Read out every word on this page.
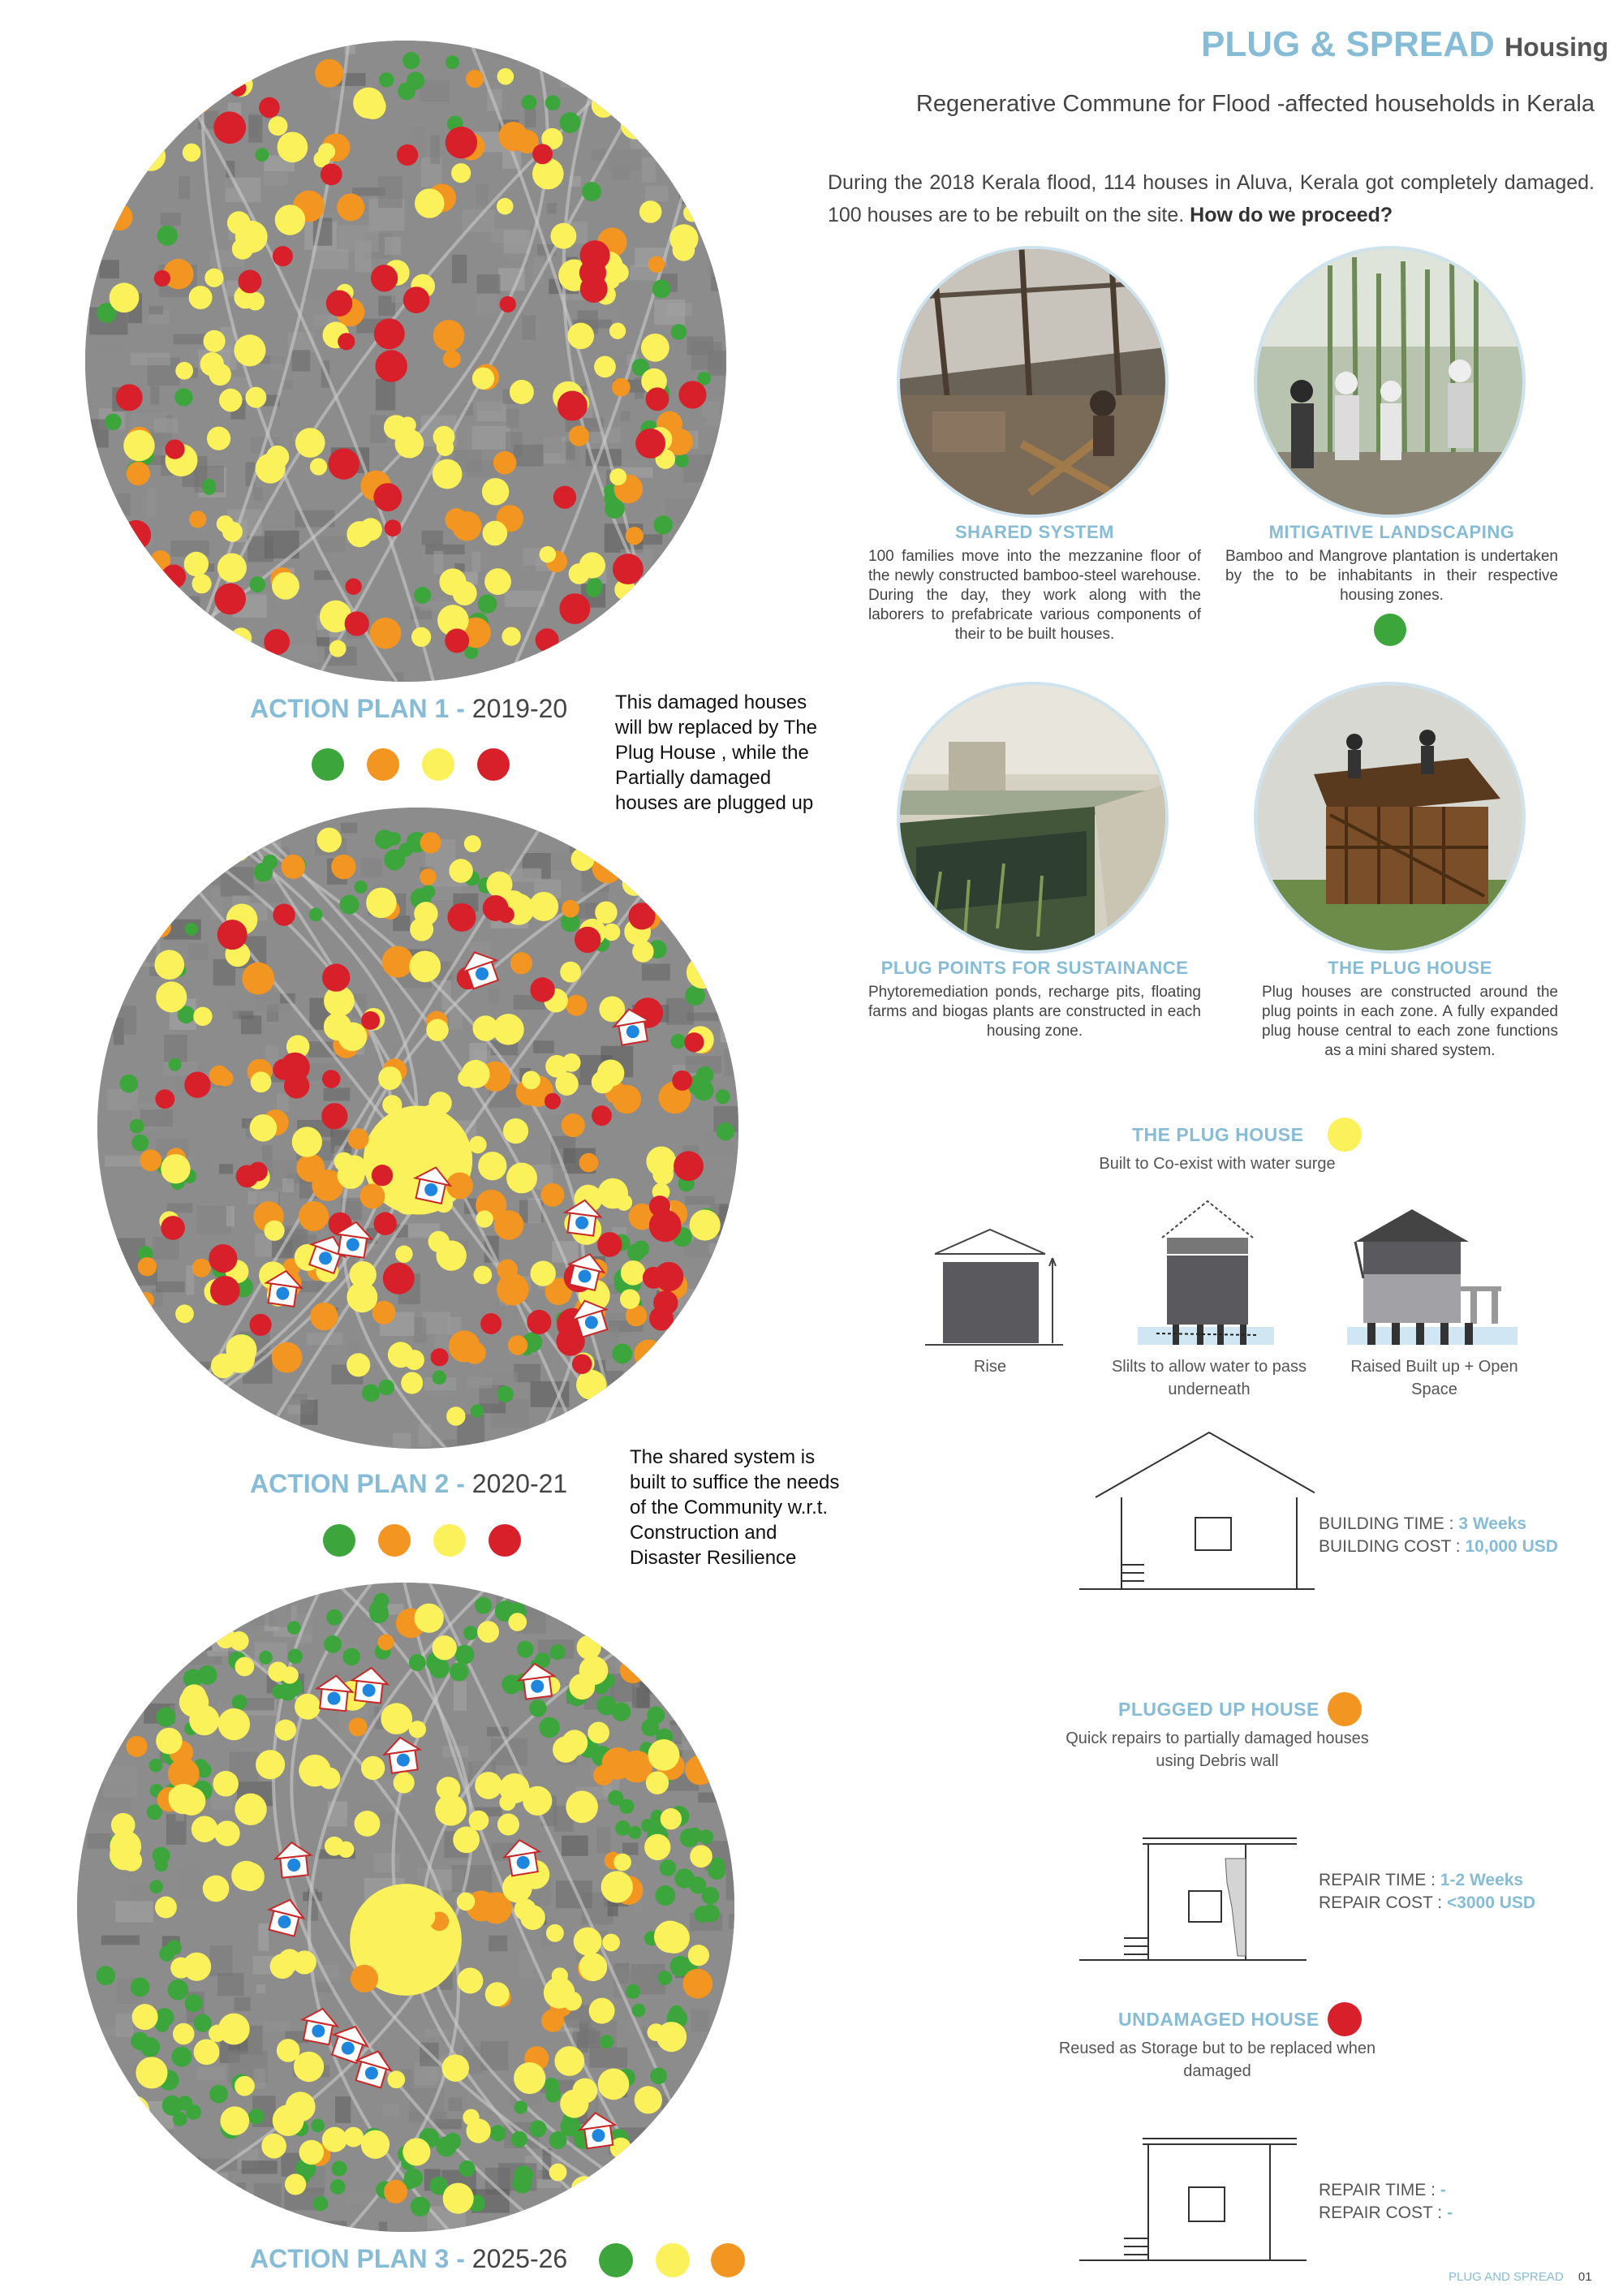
PLUG & SPREAD Housing
Regenerative Commune for Flood -affected households in Kerala
During the 2018 Kerala flood, 114 houses in Aluva, Kerala got completely damaged. 100 houses are to be rebuilt on the site. How do we proceed?
SHARED SYSTEM
100 families move into the mezzanine floor of the newly constructed bamboo-steel warehouse. During the day, they work along with the laborers to prefabricate various components of their to be built houses.
MITIGATIVE LANDSCAPING
Bamboo and Mangrove plantation is undertaken by the to be inhabitants in their respective housing zones.
PLUG POINTS FOR SUSTAINANCE
Phytoremediation ponds, recharge pits, floating farms and biogas plants are constructed in each housing zone.
THE PLUG HOUSE
Plug houses are constructed around the plug points in each zone. A fully expanded plug house central to each zone functions as a mini shared system.
ACTION PLAN 1 - 2019-20
ACTION PLAN 2 - 2020-21
ACTION PLAN 3 - 2025-26
This damaged houses will bw replaced by The Plug House , while the Partially damaged houses are plugged up
The shared system is built to suffice the needs of the Community w.r.t. Construction and Disaster Resilience
THE PLUG HOUSE
Built to Co-exist with water surge
Rise	Slilts to allow water to pass underneath
Raised Built up + Open Space
BUILDING TIME : 3 Weeks
BUILDING COST : 10,000 USD
PLUGGED UP HOUSE
Quick repairs to partially damaged houses using Debris wall
REPAIR TIME : 1-2 Weeks
REPAIR COST : <3000 USD
UNDAMAGED HOUSE
Reused as Storage but to be replaced when damaged
REPAIR TIME : -
REPAIR COST : -
PLUG AND SPREAD 01
